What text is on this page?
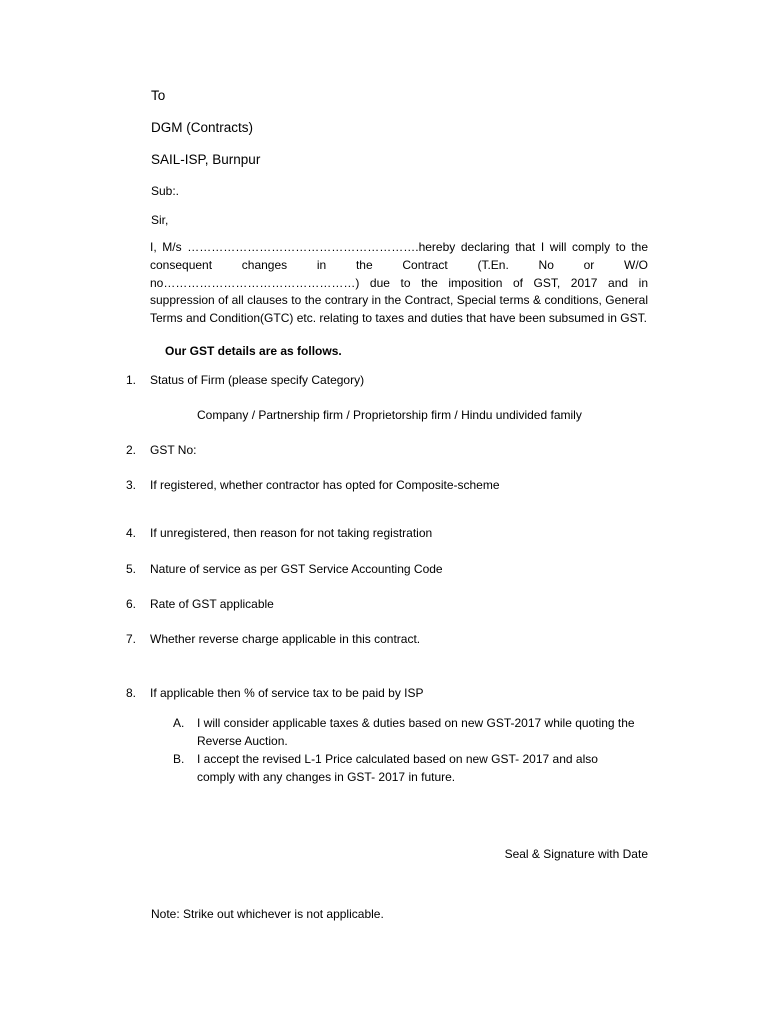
To
DGM (Contracts)
SAIL-ISP, Burnpur
Sub:.
Sir,
I, M/s ………………………………………………….hereby declaring that I will comply to the consequent changes in the Contract (T.En. No or W/O no…………………………………………) due to the imposition of GST, 2017 and in suppression of all clauses to the contrary in the Contract, Special terms & conditions, General Terms and Condition(GTC) etc. relating to taxes and duties that have been subsumed in GST.
Our GST details are as follows.
1. Status of Firm (please specify Category)
Company / Partnership firm / Proprietorship firm / Hindu undivided family
2. GST No:
3. If registered, whether contractor has opted for Composite-scheme
4. If unregistered, then reason for not taking registration
5. Nature of service as per GST Service Accounting Code
6. Rate of GST applicable
7. Whether reverse charge applicable in this contract.
8. If applicable then % of service tax to be paid by ISP
A. I will consider applicable taxes & duties based on new GST-2017 while quoting the Reverse Auction.
B. I accept the revised L-1 Price calculated based on new GST- 2017 and also comply with any changes in GST- 2017 in future.
Seal & Signature with Date
Note: Strike out whichever is not applicable.
